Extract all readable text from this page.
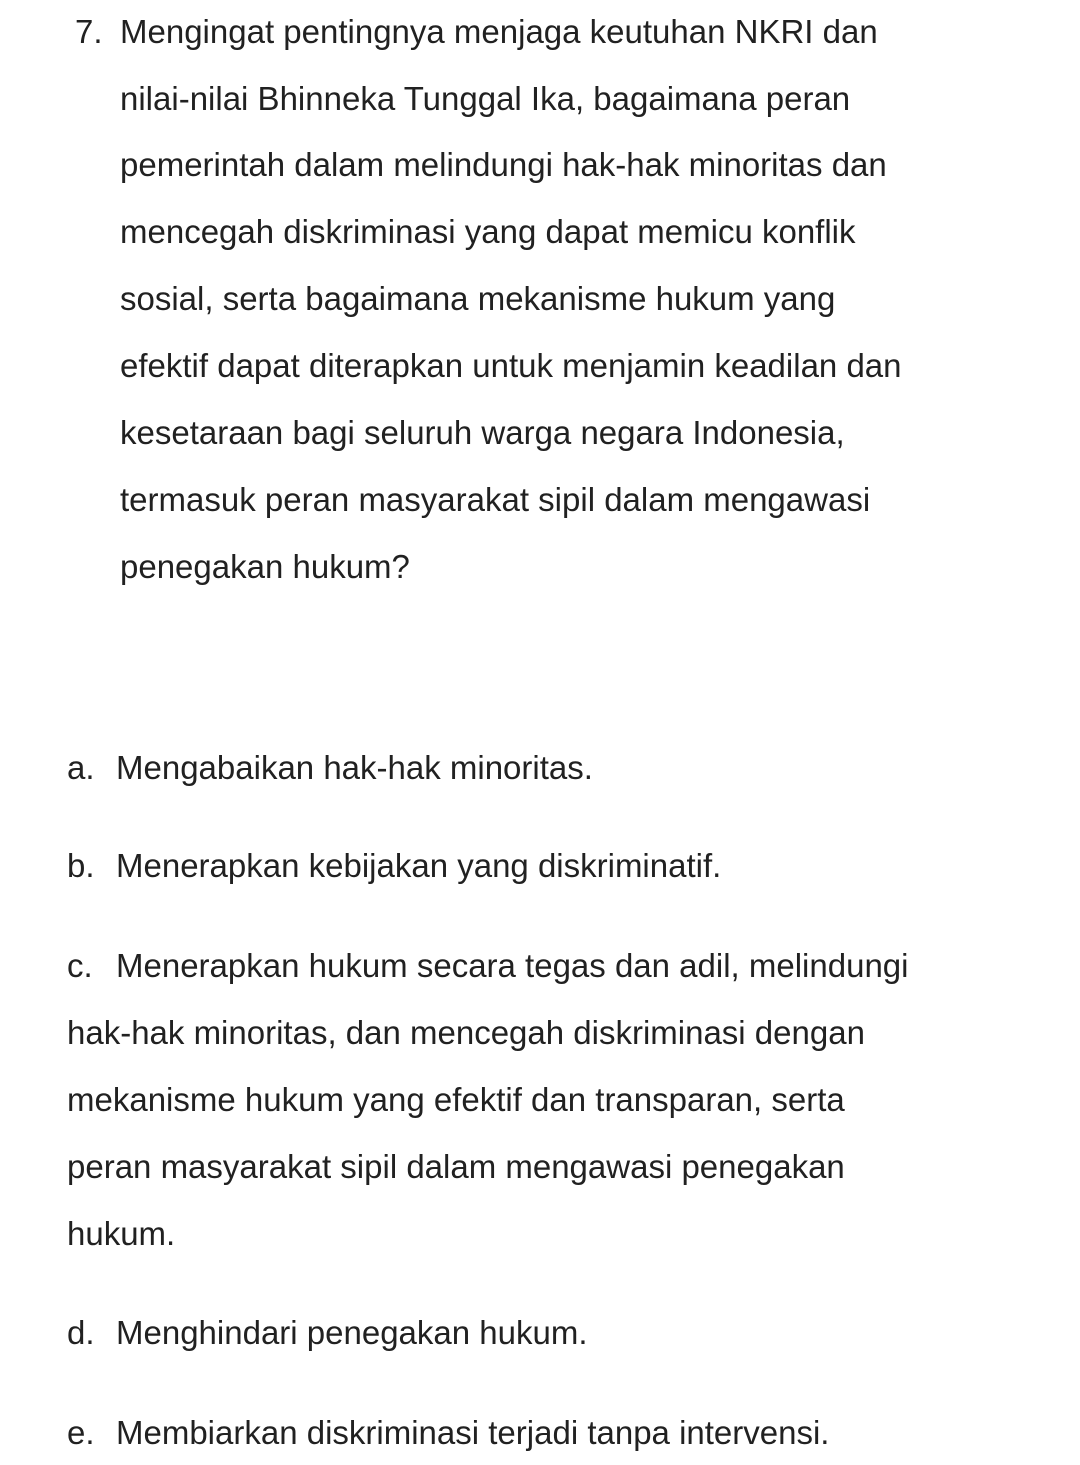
7. Mengingat pentingnya menjaga keutuhan NKRI dan
nilai-nilai Bhinneka Tunggal Ika, bagaimana peran
pemerintah dalam melindungi hak-hak minoritas dan
mencegah diskriminasi yang dapat memicu konflik
sosial, serta bagaimana mekanisme hukum yang
efektif dapat diterapkan untuk menjamin keadilan dan
kesetaraan bagi seluruh warga negara Indonesia,
termasuk peran masyarakat sipil dalam mengawasi
penegakan hukum?
a. Mengabaikan hak-hak minoritas.
b. Menerapkan kebijakan yang diskriminatif.
c. Menerapkan hukum secara tegas dan adil, melindungi
hak-hak minoritas, dan mencegah diskriminasi dengan
mekanisme hukum yang efektif dan transparan, serta
peran masyarakat sipil dalam mengawasi penegakan
hukum.
d. Menghindari penegakan hukum.
e. Membiarkan diskriminasi terjadi tanpa intervensi.
